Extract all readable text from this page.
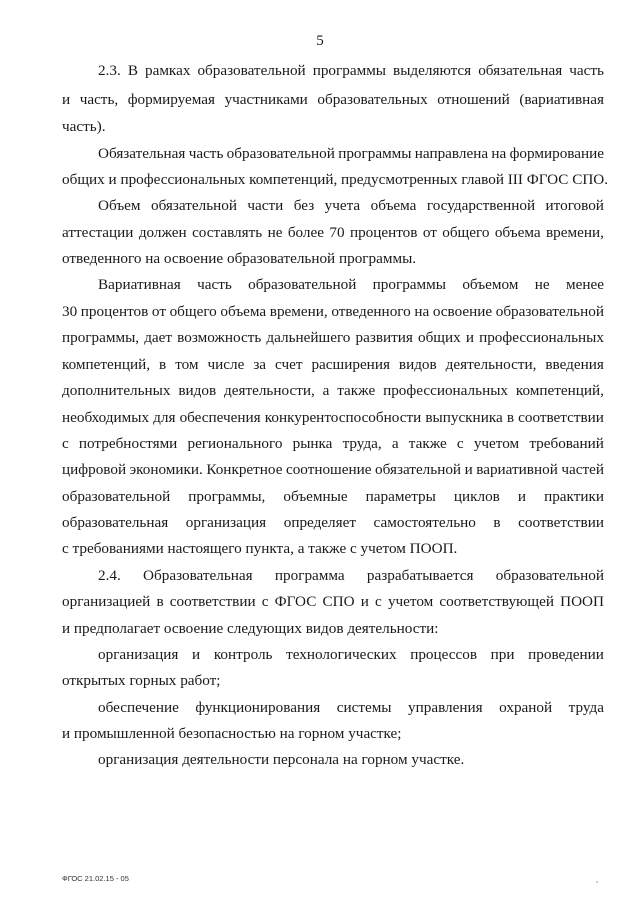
5
2.3. В рамках образовательной программы выделяются обязательная часть
и часть, формируемая участниками образовательных отношений (вариативная
часть).
Обязательная часть образовательной программы направлена на формирование
общих и профессиональных компетенций, предусмотренных главой III ФГОС СПО.
Объем обязательной части без учета объема государственной итоговой
аттестации должен составлять не более 70 процентов от общего объема времени,
отведенного на освоение образовательной программы.
Вариативная часть образовательной программы объемом не менее
30 процентов от общего объема времени, отведенного на освоение образовательной
программы, дает возможность дальнейшего развития общих и профессиональных
компетенций, в том числе за счет расширения видов деятельности, введения
дополнительных видов деятельности, а также профессиональных компетенций,
необходимых для обеспечения конкурентоспособности выпускника в соответствии
с потребностями регионального рынка труда, а также с учетом требований
цифровой экономики. Конкретное соотношение обязательной и вариативной частей
образовательной программы, объемные параметры циклов и практики
образовательная организация определяет самостоятельно в соответствии
с требованиями настоящего пункта, а также с учетом ПООП.
2.4. Образовательная программа разрабатывается образовательной
организацией в соответствии с ФГОС СПО и с учетом соответствующей ПООП
и предполагает освоение следующих видов деятельности:
организация и контроль технологических процессов при проведении
открытых горных работ;
обеспечение функционирования системы управления охраной труда
и промышленной безопасностью на горном участке;
организация деятельности персонала на горном участке.
ФГОС 21.02.15 - 05
